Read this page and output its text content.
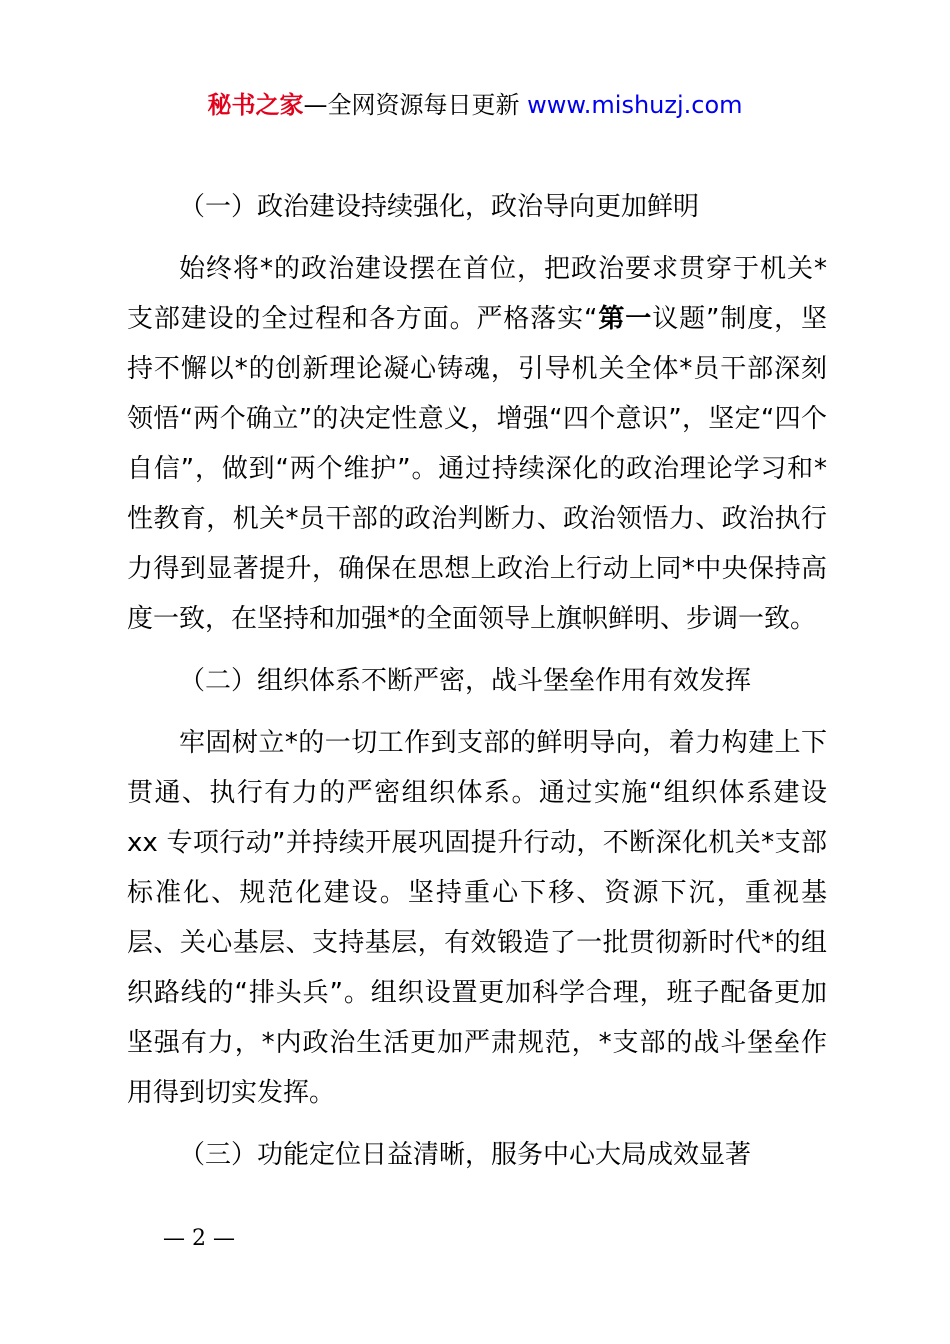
秘书之家—全网资源每日更新 www.mishuzj.com

（一）政治建设持续强化，政治导向更加鲜明

始终将*的政治建设摆在首位，把政治要求贯穿于机关*支部建设的全过程和各方面。严格落实“第一议题”制度，坚持不懈以*的创新理论凝心铸魂，引导机关全体*员干部深刻领悟“两个确立”的决定性意义，增强“四个意识”，坚定“四个自信”，做到“两个维护”。通过持续深化的政治理论学习和*性教育，机关*员干部的政治判断力、政治领悟力、政治执行力得到显著提升，确保在思想上政治上行动上同*中央保持高度一致，在坚持和加强*的全面领导上旗帜鲜明、步调一致。

（二）组织体系不断严密，战斗堡垒作用有效发挥

牢固树立*的一切工作到支部的鲜明导向，着力构建上下贯通、执行有力的严密组织体系。通过实施“组织体系建设 xx 专项行动”并持续开展巩固提升行动，不断深化机关*支部标准化、规范化建设。坚持重心下移、资源下沉，重视基层、关心基层、支持基层，有效锻造了一批贯彻新时代*的组织路线的“排头兵”。组织设置更加科学合理，班子配备更加坚强有力，*内政治生活更加严肃规范，*支部的战斗堡垒作用得到切实发挥。

（三）功能定位日益清晰，服务中心大局成效显著

— 2 —
